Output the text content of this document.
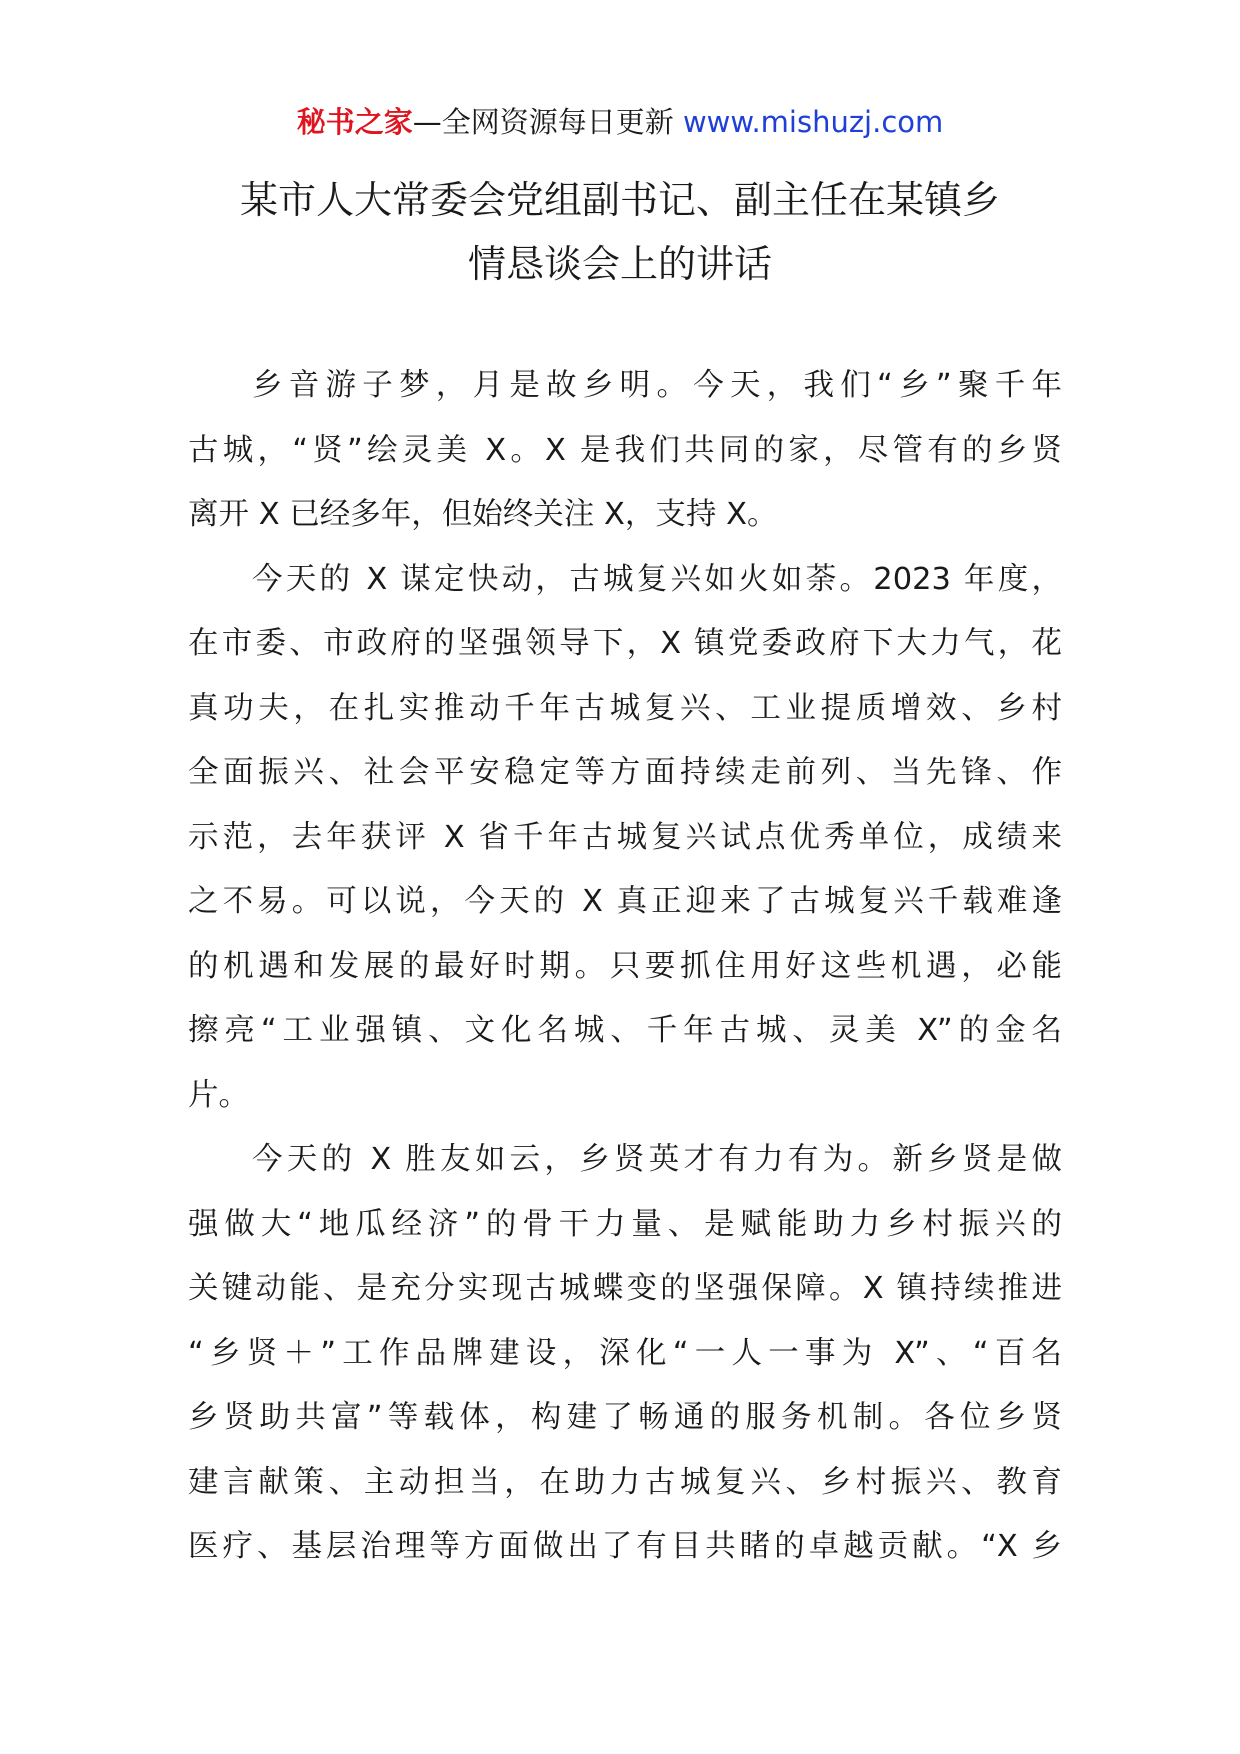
秘书之家—全网资源每日更新 www.mishuzj.com
某市人大常委会党组副书记、副主任在某镇乡
情恳谈会上的讲话
乡音游子梦，月是故乡明。今天，我们“乡”聚千年
古城，“贤”绘灵美 X。X 是我们共同的家，尽管有的乡贤
离开 X 已经多年，但始终关注 X，支持 X。
今天的 X 谋定快动，古城复兴如火如荼。2023 年度，
在市委、市政府的坚强领导下，X 镇党委政府下大力气，花
真功夫，在扎实推动千年古城复兴、工业提质增效、乡村
全面振兴、社会平安稳定等方面持续走前列、当先锋、作
示范，去年获评 X 省千年古城复兴试点优秀单位，成绩来
之不易。可以说，今天的 X 真正迎来了古城复兴千载难逢
的机遇和发展的最好时期。只要抓住用好这些机遇，必能
擦亮“工业强镇、文化名城、千年古城、灵美 X”的金名
片。
今天的 X 胜友如云，乡贤英才有力有为。新乡贤是做
强做大“地瓜经济”的骨干力量、是赋能助力乡村振兴的
关键动能、是充分实现古城蝶变的坚强保障。X 镇持续推进
“乡贤＋”工作品牌建设，深化“一人一事为 X”、“百名
乡贤助共富”等载体，构建了畅通的服务机制。各位乡贤
建言献策、主动担当，在助力古城复兴、乡村振兴、教育
医疗、基层治理等方面做出了有目共睹的卓越贡献。“X 乡
